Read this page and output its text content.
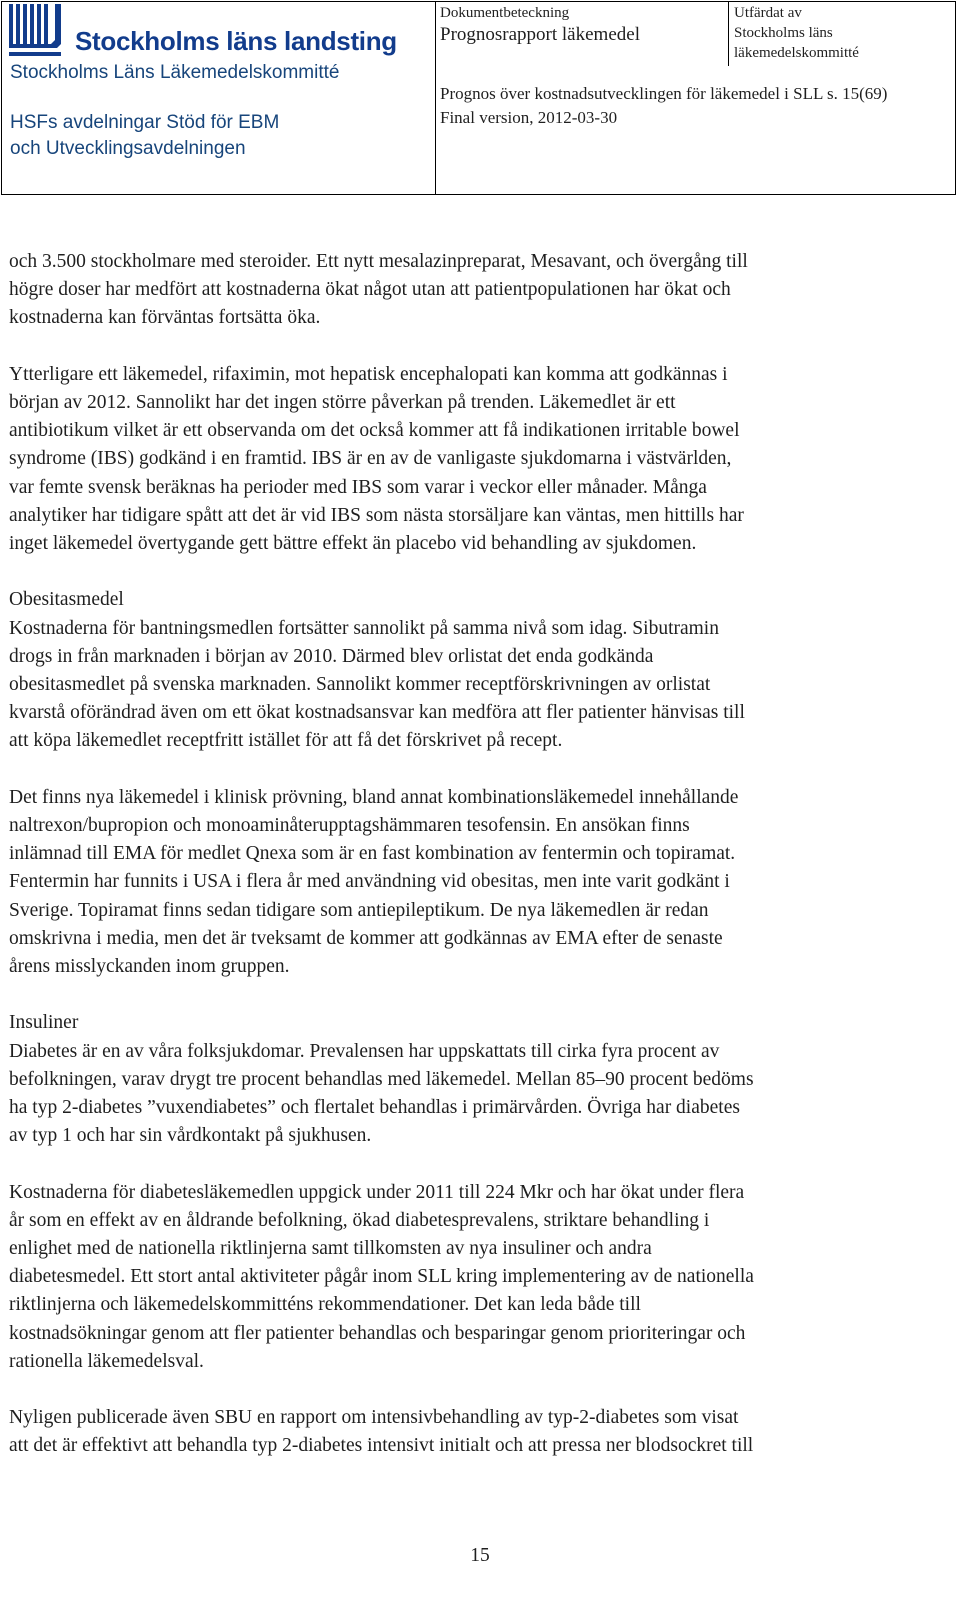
Stockholms läns landsting
Stockholms Läns Läkemedelskommitté
HSFs avdelningar Stöd för EBM
och Utvecklingsavdelningen
Dokumentbeteckning
Prognosrapport läkemedel
Utfärdat av
Stockholms läns
läkemedelskommitté
Prognos över kostnadsutvecklingen för läkemedel i SLL s. 15(69)
Final version, 2012-03-30

och 3.500 stockholmare med steroider. Ett nytt mesalazinpreparat, Mesavant, och övergång till
högre doser har medfört att kostnaderna ökat något utan att patientpopulationen har ökat och
kostnaderna kan förväntas fortsätta öka.

Ytterligare ett läkemedel, rifaximin, mot hepatisk encephalopati kan komma att godkännas i
början av 2012. Sannolikt har det ingen större påverkan på trenden. Läkemedlet är ett
antibiotikum vilket är ett observanda om det också kommer att få indikationen irritable bowel
syndrome (IBS) godkänd i en framtid. IBS är en av de vanligaste sjukdomarna i västvärlden,
var femte svensk beräknas ha perioder med IBS som varar i veckor eller månader. Många
analytiker har tidigare spått att det är vid IBS som nästa storsäljare kan väntas, men hittills har
inget läkemedel övertygande gett bättre effekt än placebo vid behandling av sjukdomen.

Obesitasmedel
Kostnaderna för bantningsmedlen fortsätter sannolikt på samma nivå som idag. Sibutramin
drogs in från marknaden i början av 2010. Därmed blev orlistat det enda godkända
obesitasmedlet på svenska marknaden. Sannolikt kommer receptförskrivningen av orlistat
kvarstå oförändrad även om ett ökat kostnadsansvar kan medföra att fler patienter hänvisas till
att köpa läkemedlet receptfritt istället för att få det förskrivet på recept.

Det finns nya läkemedel i klinisk prövning, bland annat kombinationsläkemedel innehållande
naltrexon/bupropion och monoaminåterupptagshämmaren tesofensin. En ansökan finns
inlämnad till EMA för medlet Qnexa som är en fast kombination av fentermin och topiramat.
Fentermin har funnits i USA i flera år med användning vid obesitas, men inte varit godkänt i
Sverige. Topiramat finns sedan tidigare som antiepileptikum. De nya läkemedlen är redan
omskrivna i media, men det är tveksamt de kommer att godkännas av EMA efter de senaste
årens misslyckanden inom gruppen.

Insuliner
Diabetes är en av våra folksjukdomar. Prevalensen har uppskattats till cirka fyra procent av
befolkningen, varav drygt tre procent behandlas med läkemedel. Mellan 85–90 procent bedöms
ha typ 2-diabetes ”vuxendiabetes” och flertalet behandlas i primärvården. Övriga har diabetes
av typ 1 och har sin vårdkontakt på sjukhusen.

Kostnaderna för diabetesläkemedlen uppgick under 2011 till 224 Mkr och har ökat under flera
år som en effekt av en åldrande befolkning, ökad diabetesprevalens, striktare behandling i
enlighet med de nationella riktlinjerna samt tillkomsten av nya insuliner och andra
diabetesmedel. Ett stort antal aktiviteter pågår inom SLL kring implementering av de nationella
riktlinjerna och läkemedelskommitténs rekommendationer. Det kan leda både till
kostnadsökningar genom att fler patienter behandlas och besparingar genom prioriteringar och
rationella läkemedelsval.

Nyligen publicerade även SBU en rapport om intensivbehandling av typ-2-diabetes som visat
att det är effektivt att behandla typ 2-diabetes intensivt initialt och att pressa ner blodsockret till

15
